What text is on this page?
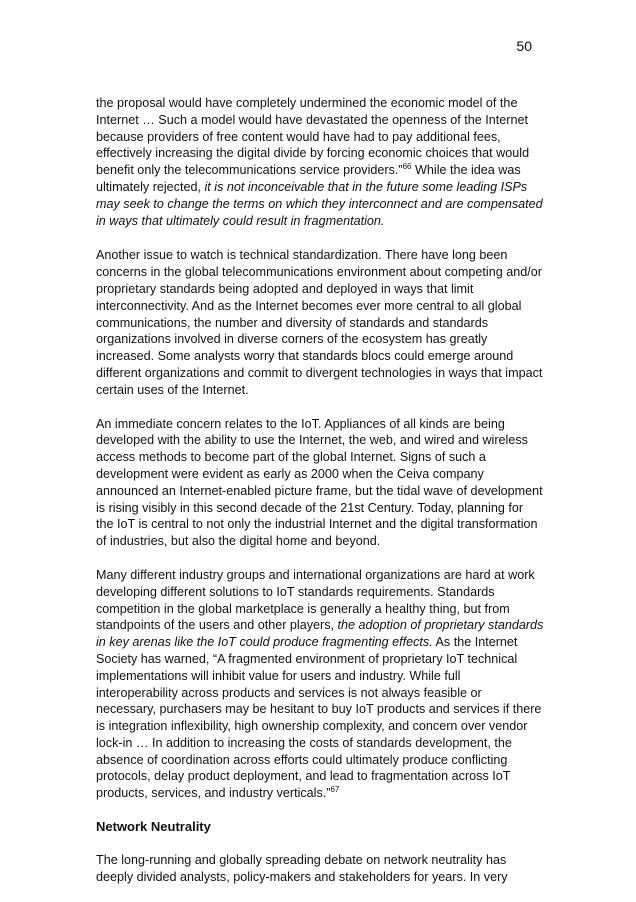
50

the proposal would have completely undermined the economic model of the Internet … Such a model would have devastated the openness of the Internet because providers of free content would have had to pay additional fees, effectively increasing the digital divide by forcing economic choices that would benefit only the telecommunications service providers.”$^{66}$ While the idea was ultimately rejected, it is not inconceivable that in the future some leading ISPs may seek to change the terms on which they interconnect and are compensated in ways that ultimately could result in fragmentation.

Another issue to watch is technical standardization. There have long been concerns in the global telecommunications environment about competing and/or proprietary standards being adopted and deployed in ways that limit interconnectivity. And as the Internet becomes ever more central to all global communications, the number and diversity of standards and standards organizations involved in diverse corners of the ecosystem has greatly increased. Some analysts worry that standards blocs could emerge around different organizations and commit to divergent technologies in ways that impact certain uses of the Internet.

An immediate concern relates to the IoT. Appliances of all kinds are being developed with the ability to use the Internet, the web, and wired and wireless access methods to become part of the global Internet. Signs of such a development were evident as early as 2000 when the Ceiva company announced an Internet-enabled picture frame, but the tidal wave of development is rising visibly in this second decade of the 21st Century. Today, planning for the IoT is central to not only the industrial Internet and the digital transformation of industries, but also the digital home and beyond.

Many different industry groups and international organizations are hard at work developing different solutions to IoT standards requirements. Standards competition in the global marketplace is generally a healthy thing, but from standpoints of the users and other players, the adoption of proprietary standards in key arenas like the IoT could produce fragmenting effects. As the Internet Society has warned, “A fragmented environment of proprietary IoT technical implementations will inhibit value for users and industry. While full interoperability across products and services is not always feasible or necessary, purchasers may be hesitant to buy IoT products and services if there is integration inflexibility, high ownership complexity, and concern over vendor lock-in … In addition to increasing the costs of standards development, the absence of coordination across efforts could ultimately produce conflicting protocols, delay product deployment, and lead to fragmentation across IoT products, services, and industry verticals.”$^{67}$

Network Neutrality

The long-running and globally spreading debate on network neutrality has deeply divided analysts, policy-makers and stakeholders for years. In very
